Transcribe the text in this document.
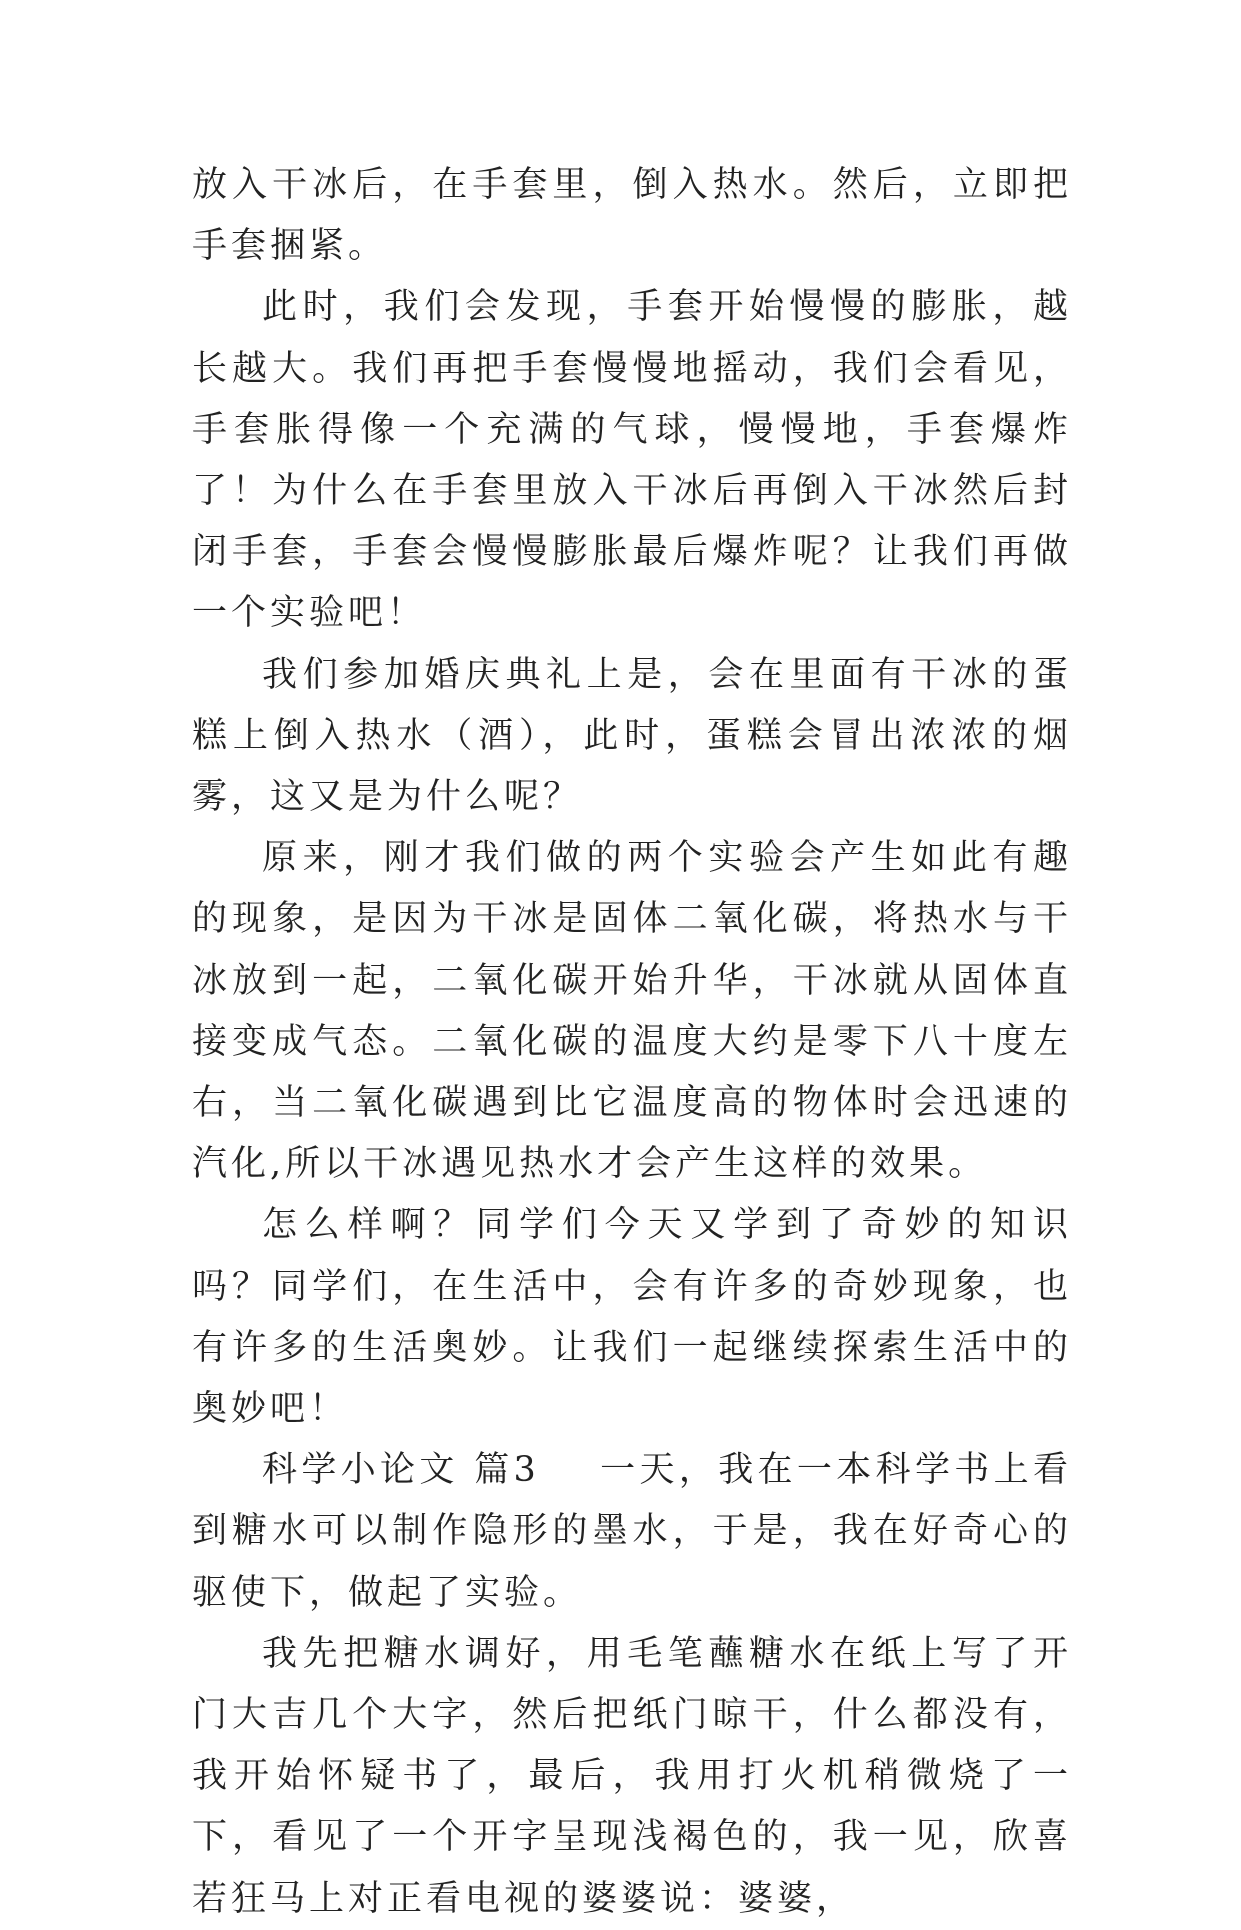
放入干冰后，在手套里，倒入热水。然后，立即把手套捆紧。

此时，我们会发现，手套开始慢慢的膨胀，越长越大。我们再把手套慢慢地摇动，我们会看见，手套胀得像一个充满的气球，慢慢地，手套爆炸了！为什么在手套里放入干冰后再倒入干冰然后封闭手套，手套会慢慢膨胀最后爆炸呢？让我们再做一个实验吧！

我们参加婚庆典礼上是，会在里面有干冰的蛋糕上倒入热水（酒），此时，蛋糕会冒出浓浓的烟雾，这又是为什么呢？

原来，刚才我们做的两个实验会产生如此有趣的现象，是因为干冰是固体二氧化碳，将热水与干冰放到一起，二氧化碳开始升华，干冰就从固体直接变成气态。二氧化碳的温度大约是零下八十度左右，当二氧化碳遇到比它温度高的物体时会迅速的汽化,所以干冰遇见热水才会产生这样的效果。

怎么样啊？同学们今天又学到了奇妙的知识吗？同学们，在生活中，会有许多的奇妙现象，也有许多的生活奥妙。让我们一起继续探索生活中的奥妙吧！

科学小论文 篇3 一天，我在一本科学书上看到糖水可以制作隐形的墨水，于是，我在好奇心的驱使下，做起了实验。

我先把糖水调好，用毛笔蘸糖水在纸上写了开门大吉几个大字，然后把纸门晾干，什么都没有，我开始怀疑书了，最后，我用打火机稍微烧了一下，看见了一个开字呈现浅褐色的，我一见，欣喜若狂马上对正看电视的婆婆说：婆婆，
